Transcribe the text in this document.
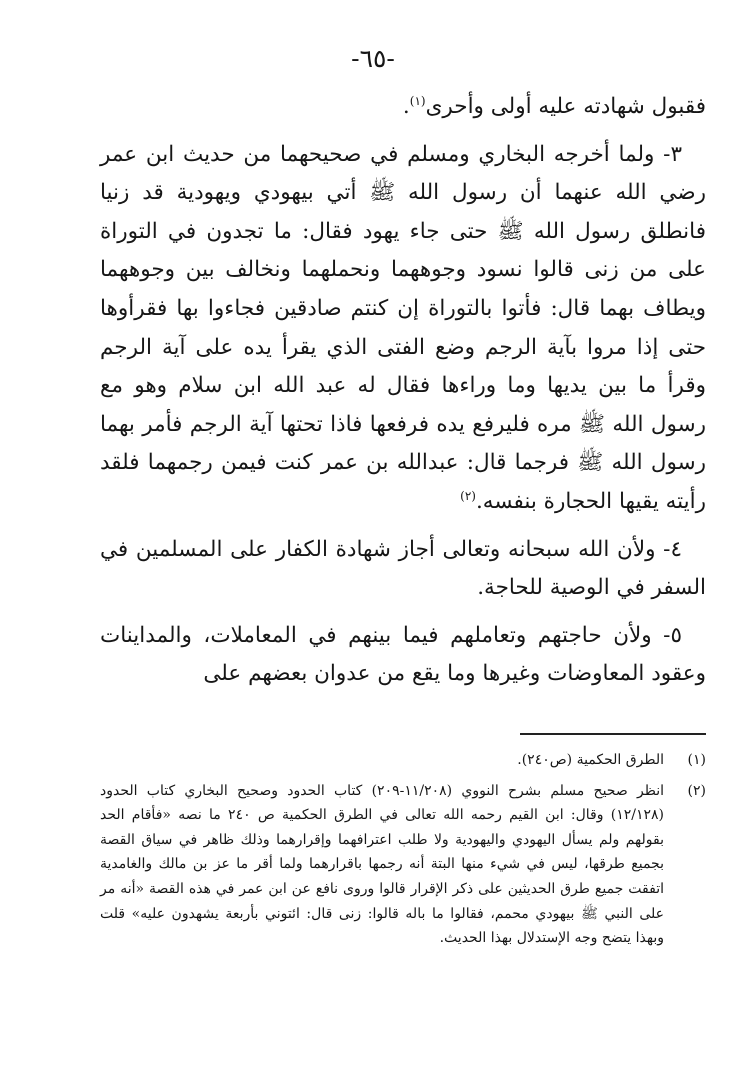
-٦٥-

فقبول شهادته عليه أولى وأحرى$^{(١)}$.

٣- ولما أخرجه البخاري ومسلم في صحيحهما من حديث ابن عمر رضي الله عنهما أن رسول الله ﷺ أتي بيهودي ويهودية قد زنيا فانطلق رسول الله ﷺ حتى جاء يهود فقال: ما تجدون في التوراة على من زنى قالوا نسود وجوههما ونحملهما ونخالف بين وجوههما ويطاف بهما قال: فأتوا بالتوراة إن كنتم صادقين فجاءوا بها فقرأوها حتى إذا مروا بآية الرجم وضع الفتى الذي يقرأ يده على آية الرجم وقرأ ما بين يديها وما وراءها فقال له عبد الله ابن سلام وهو مع رسول الله ﷺ مره فليرفع يده فرفعها فاذا تحتها آية الرجم فأمر بهما رسول الله ﷺ فرجما قال: عبدالله بن عمر كنت فيمن رجمهما فلقد رأيته يقيها الحجارة بنفسه.$^{(٢)}$

٤- ولأن الله سبحانه وتعالى أجاز شهادة الكفار على المسلمين في السفر في الوصية للحاجة.

٥- ولأن حاجتهم وتعاملهم فيما بينهم في المعاملات، والمداينات وعقود المعاوضات وغيرها وما يقع من عدوان بعضهم على

(١)
الطرق الحكمية (ص٢٤٠).
(٢)
انظر صحيح مسلم بشرح النووي (١١/٢٠٨-٢٠٩) كتاب الحدود وصحيح البخاري كتاب الحدود (١٢/١٢٨) وقال: ابن القيم رحمه الله تعالى في الطرق الحكمية ص ٢٤٠ ما نصه «فأقام الحد بقولهم ولم يسأل اليهودي واليهودية ولا طلب اعترافهما وإقرارهما وذلك ظاهر في سياق القصة بجميع طرقها، ليس في شيء منها البتة أنه رجمها باقرارهما ولما أقر ما عز بن مالك والغامدية اتفقت جميع طرق الحديثين على ذكر الإقرار قالوا وروى نافع عن ابن عمر في هذه القصة «أنه مر على النبي ﷺ بيهودي محمم، فقالوا ما باله قالوا: زنى قال: ائتوني بأربعة يشهدون عليه» قلت وبهذا يتضح وجه الإستدلال بهذا الحديث.
